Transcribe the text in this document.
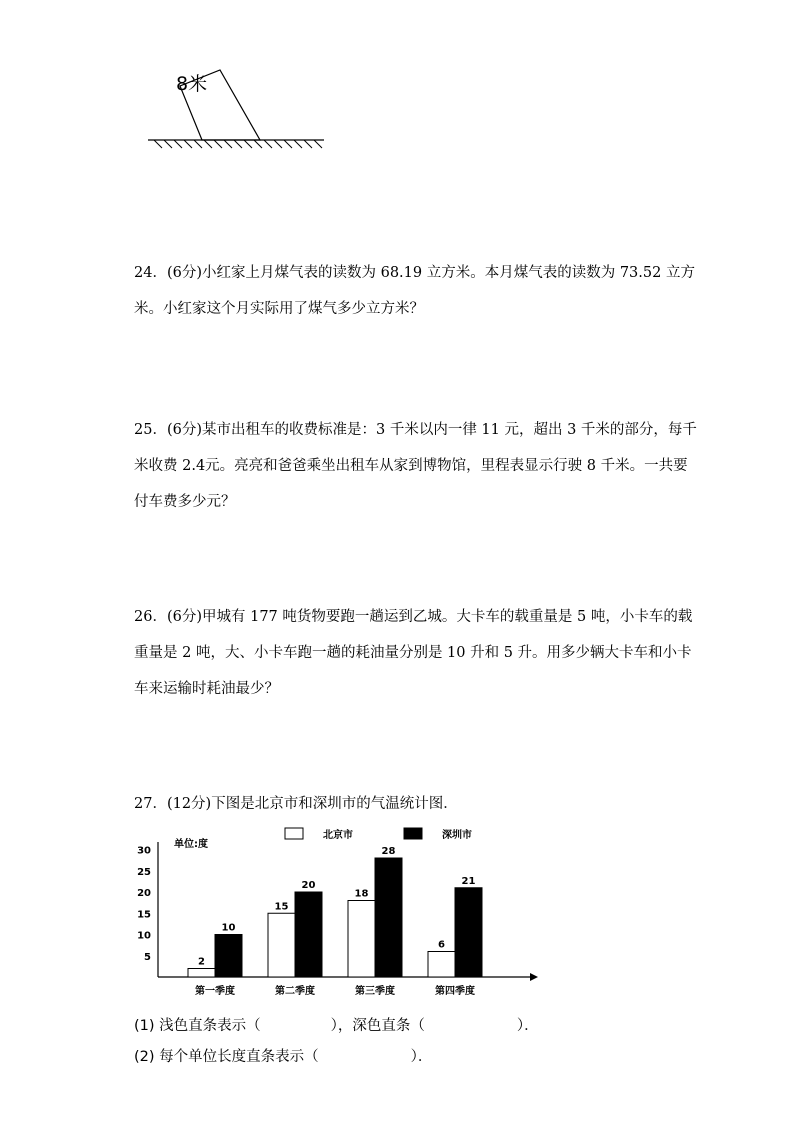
8米

24．(6分)小红家上月煤气表的读数为 68.19 立方米。本月煤气表的读数为 73.52 立方

米。小红家这个月实际用了煤气多少立方米？

25．(6分)某市出租车的收费标准是：3 千米以内一律 11 元，超出 3 千米的部分，每千

米收费 2.4元。亮亮和爸爸乘坐出租车从家到博物馆，里程表显示行驶 8 千米。一共要

付车费多少元？

26．(6分)甲城有 177 吨货物要跑一趟运到乙城。大卡车的载重量是 5 吨，小卡车的载

重量是 2 吨，大、小卡车跑一趟的耗油量分别是 10 升和 5 升。用多少辆大卡车和小卡

车来运输时耗油最少？

27．(12分)下图是北京市和深圳市的气温统计图．

单位:度
北京市	深圳市
5
10
15
20
25
30
2
10
15
20
18
28
6
21
第一季度	第二季度	第三季度	第四季度
(1) 浅色直条表示（	），深色直条（	）．
(2) 每个单位长度直条表示（	）．
